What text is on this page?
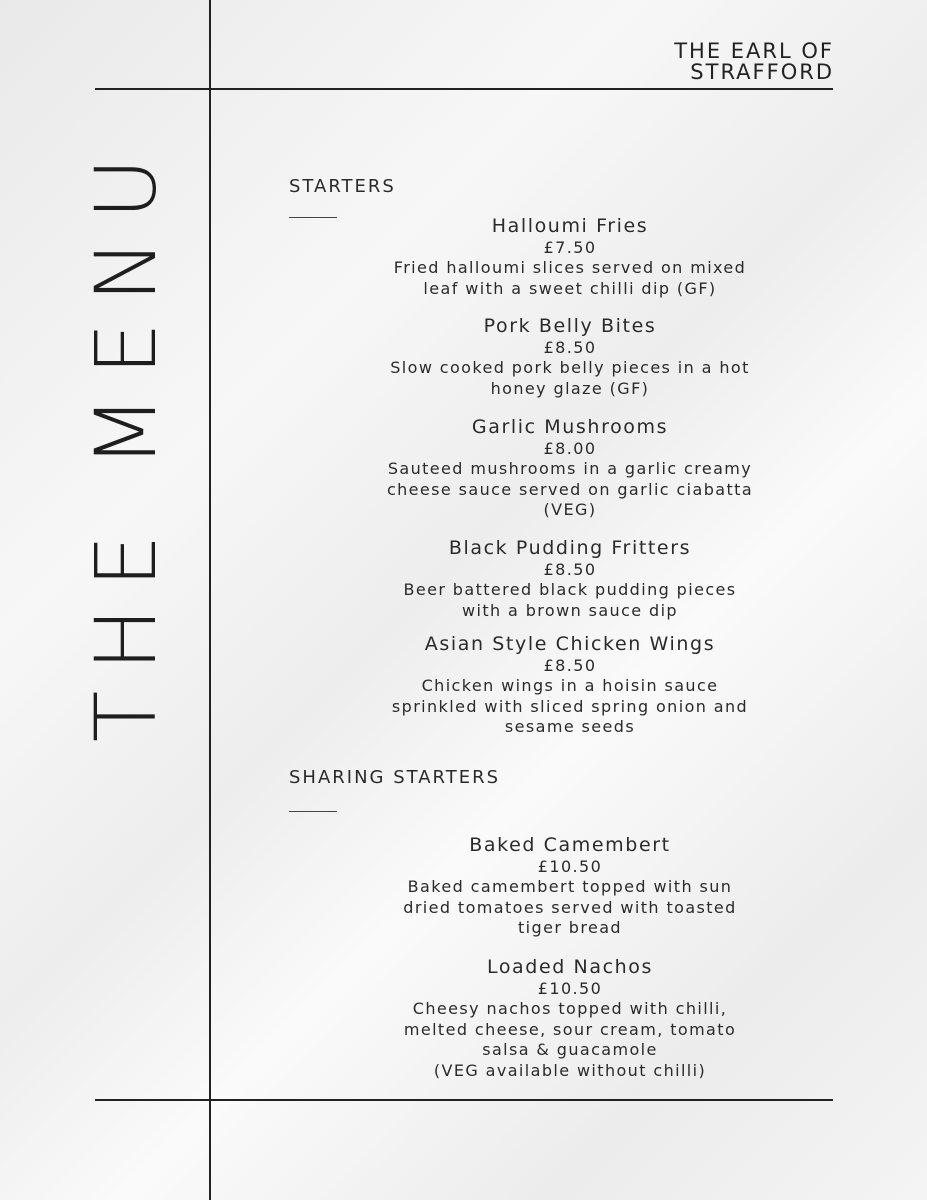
THE EARL OF
STRAFFORD
THE MENU	STARTERS
Halloumi Fries
£7.50
Fried halloumi slices served on mixed
leaf with a sweet chilli dip (GF)
Pork Belly Bites
£8.50
Slow cooked pork belly pieces in a hot
honey glaze (GF)
Garlic Mushrooms
£8.00
Sauteed mushrooms in a garlic creamy
cheese sauce served on garlic ciabatta
(VEG)
Black Pudding Fritters
£8.50
Beer battered black pudding pieces
with a brown sauce dip
Asian Style Chicken Wings
£8.50
Chicken wings in a hoisin sauce
sprinkled with sliced spring onion and
sesame seeds
SHARING STARTERS
Baked Camembert
£10.50
Baked camembert topped with sun
dried tomatoes served with toasted
tiger bread
Loaded Nachos
£10.50
Cheesy nachos topped with chilli,
melted cheese, sour cream, tomato
salsa & guacamole
(VEG available without chilli)
